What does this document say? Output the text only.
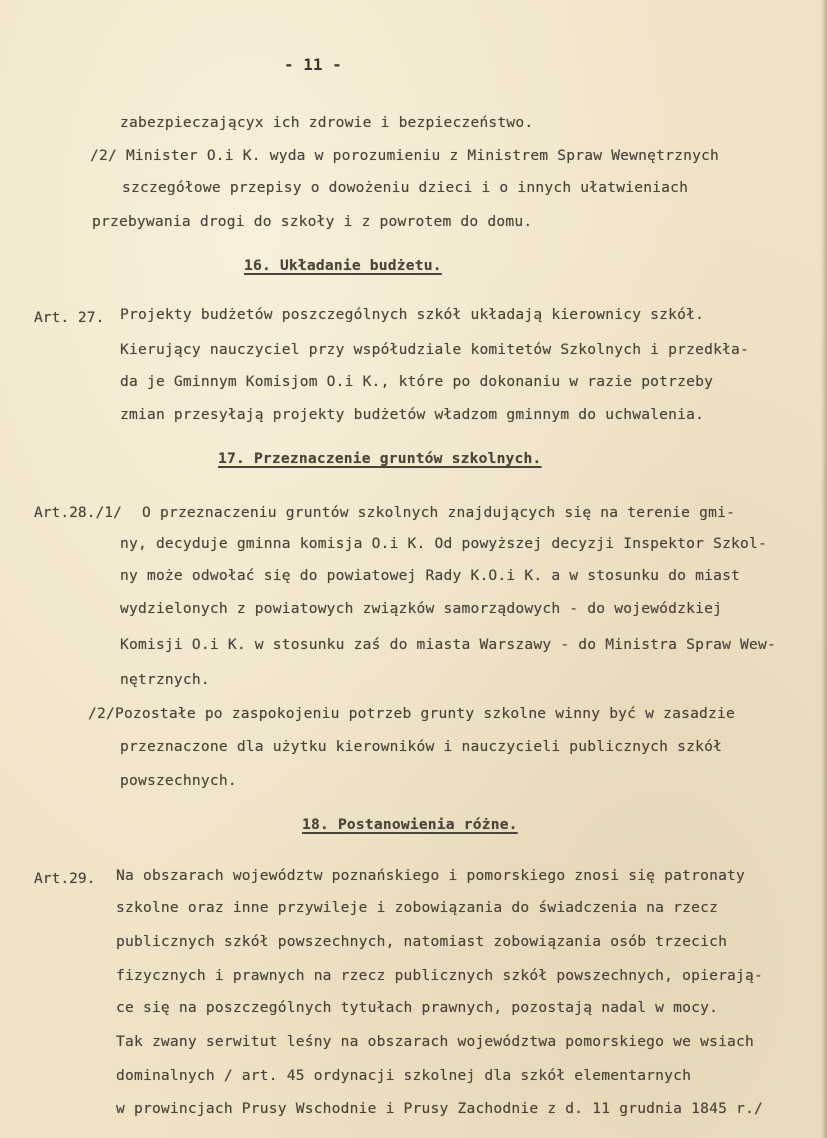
- 11 -
zabezpieczającyx ich zdrowie i bezpieczeństwo.
/2/ Minister O.i K. wyda w porozumieniu z Ministrem Spraw Wewnętrznych
szczegółowe przepisy o dowożeniu dzieci i o innych ułatwieniach
przebywania drogi do szkoły i z powrotem do domu.
16. Układanie budżetu.
Art. 27. Projekty budżetów poszczególnych szkół układają kierownicy szkół.
Kierujący nauczyciel przy współudziale komitetów Szkolnych i przedkła-
da je Gminnym Komisjom O.i K., które po dokonaniu w razie potrzeby
zmian przesyłają projekty budżetów władzom gminnym do uchwalenia.
17. Przeznaczenie gruntów szkolnych.
Art.28./1/ O przeznaczeniu gruntów szkolnych znajdujących się na terenie gmi-
ny, decyduje gminna komisja O.i K. Od powyższej decyzji Inspektor Szkol-
ny może odwołać się do powiatowej Rady K.O.i K. a w stosunku do miast
wydzielonych z powiatowych związków samorządowych - do wojewódzkiej
Komisji O.i K. w stosunku zaś do miasta Warszawy - do Ministra Spraw Wew-
nętrznych.
/2/Pozostałe po zaspokojeniu potrzeb grunty szkolne winny być w zasadzie
przeznaczone dla użytku kierowników i nauczycieli publicznych szkół
powszechnych.
18. Postanowienia różne.
Art.29. Na obszarach województw poznańskiego i pomorskiego znosi się patronaty
szkolne oraz inne przywileje i zobowiązania do świadczenia na rzecz
publicznych szkół powszechnych, natomiast zobowiązania osób trzecich
fizycznych i prawnych na rzecz publicznych szkół powszechnych, opierają-
ce się na poszczególnych tytułach prawnych, pozostają nadal w mocy.
Tak zwany serwitut leśny na obszarach województwa pomorskiego we wsiach
dominalnych / art. 45 ordynacji szkolnej dla szkół elementarnych
w prowincjach Prusy Wschodnie i Prusy Zachodnie z d. 11 grudnia 1845 r./
